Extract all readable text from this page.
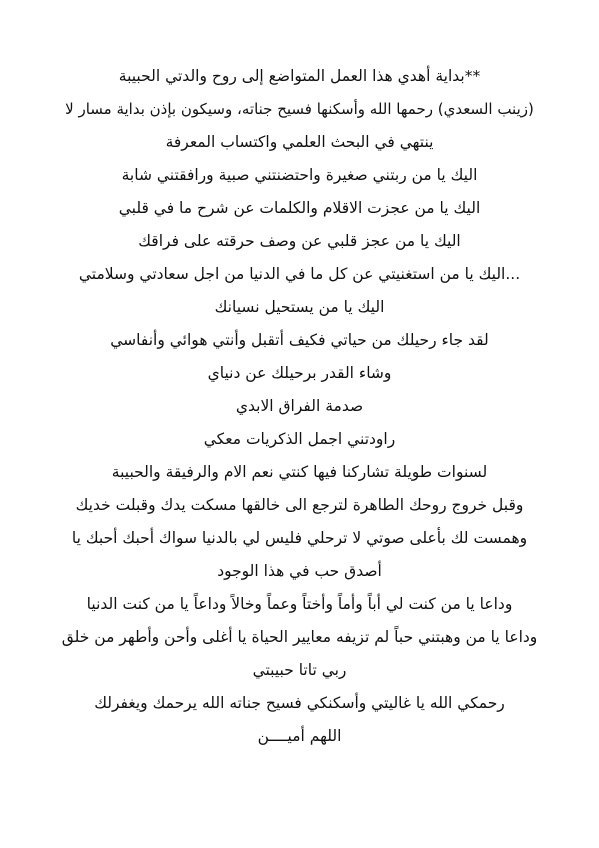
**بداية أهدي هذا العمل المتواضع إلى روح والدتي الحبيبة
(زينب السعدي) رحمها الله وأسكنها فسيح جناته، وسيكون بإذن بداية مسار لا
ينتهي في البحث العلمي واكتساب المعرفة
اليك يا من ربتني صغيرة واحتضنتني صبية ورافقتني شابة
اليك يا من عجزت الاقلام والكلمات عن شرح ما في قلبي
اليك يا من عجز قلبي عن وصف حرقته على فراقك
...اليك يا من استغنيتي عن كل ما في الدنيا من اجل سعادتي وسلامتي
اليك يا من يستحيل نسيانك
لقد جاء رحيلك من حياتي فكيف أتقبل وأنتي هوائي وأنفاسي
وشاء القدر برحيلك عن دنياي
صدمة الفراق الابدي
راودتني اجمل الذكريات معكي
لسنوات طويلة تشاركنا فيها كنتي نعم الام والرفيقة والحبيبة
وقبل خروج روحك الطاهرة لترجع الى خالقها مسكت يدك وقبلت خديك
وهمست لك بأعلى صوتي لا ترحلي فليس لي بالدنيا سواك أحبك أحبك يا
أصدق حب في هذا الوجود
وداعا يا من كنت لي أباً وأماً وأختاً وعماً وخالاً وداعاً يا من كنت الدنيا
وداعا يا من وهبتني حباً لم تزيفه معايير الحياة يا أغلى وأحن وأطهر من خلق
ربي تاتا حبيبتي
رحمكي الله يا غاليتي وأسكنكي فسيح جناته الله يرحمك ويغفرلك
اللهم أميــــن
